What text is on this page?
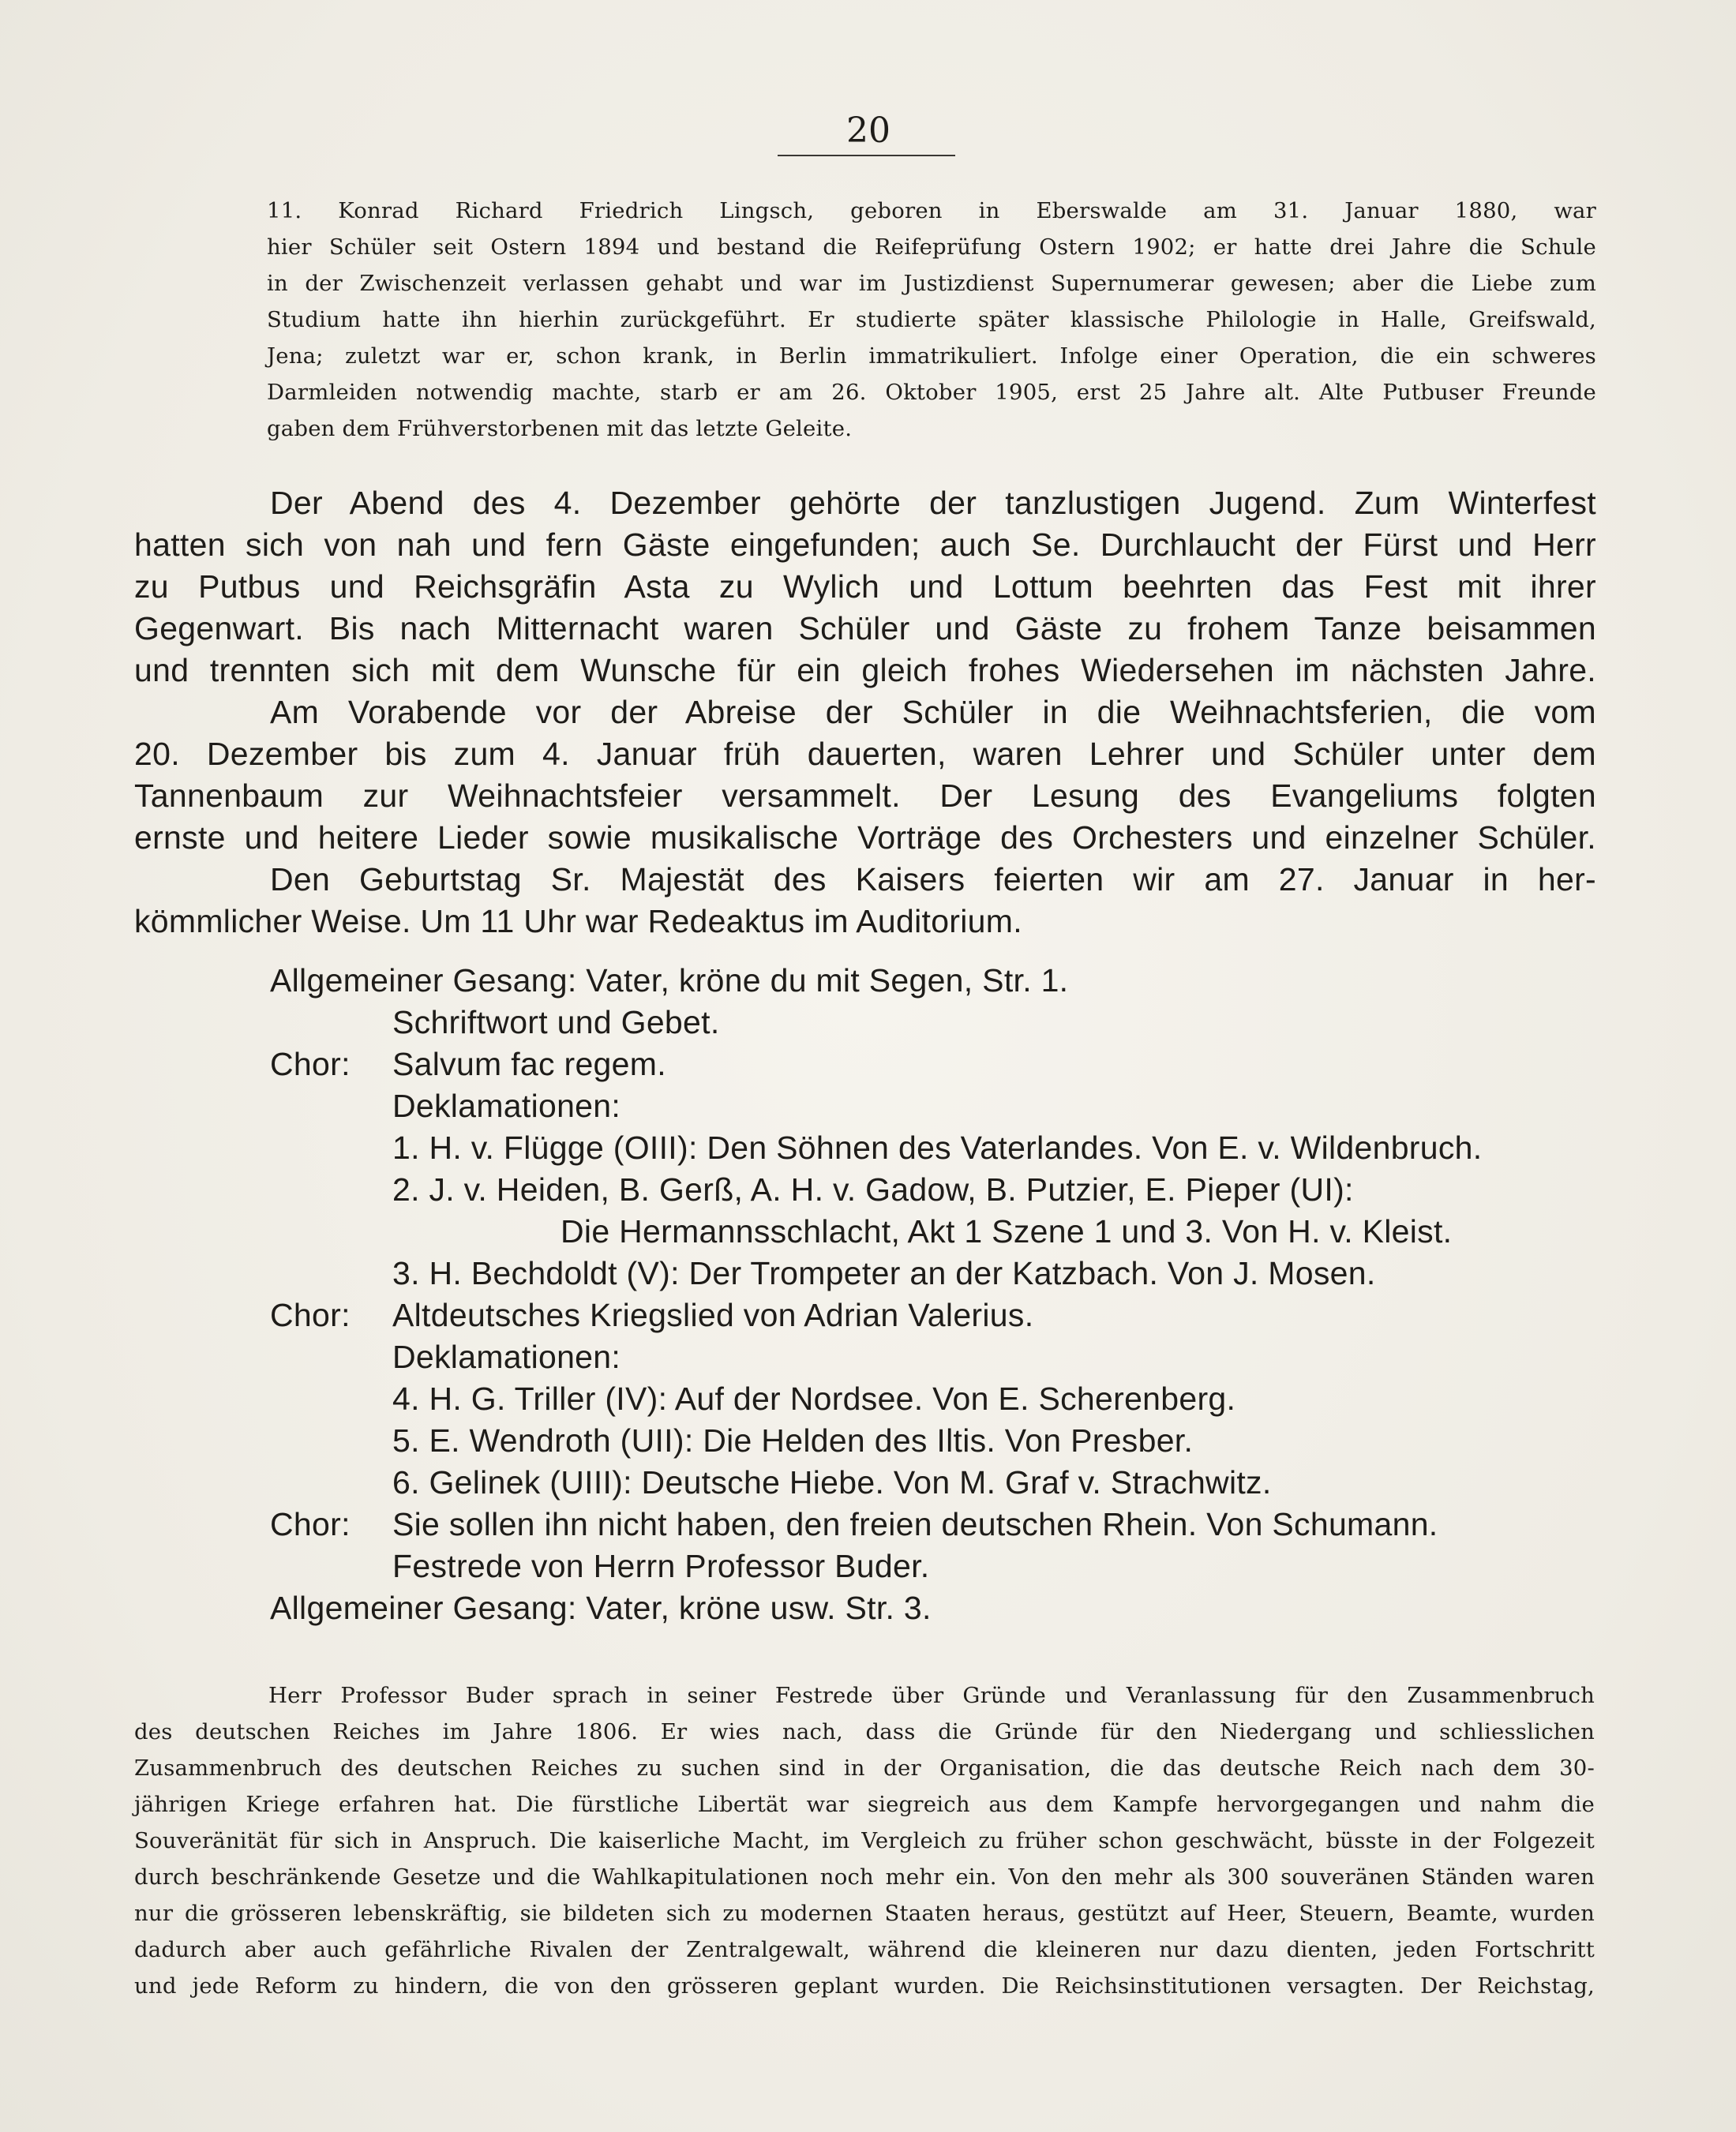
20
11. Konrad Richard Friedrich Lingsch, geboren in Eberswalde am 31. Januar 1880, war
hier Schüler seit Ostern 1894 und bestand die Reifeprüfung Ostern 1902; er hatte drei Jahre die Schule
in der Zwischenzeit verlassen gehabt und war im Justizdienst Supernumerar gewesen; aber die Liebe zum
Studium hatte ihn hierhin zurückgeführt. Er studierte später klassische Philologie in Halle, Greifswald,
Jena; zuletzt war er, schon krank, in Berlin immatrikuliert. Infolge einer Operation, die ein schweres
Darmleiden notwendig machte, starb er am 26. Oktober 1905, erst 25 Jahre alt. Alte Putbuser Freunde
gaben dem Frühverstorbenen mit das letzte Geleite.
Der Abend des 4. Dezember gehörte der tanzlustigen Jugend. Zum Winterfest
hatten sich von nah und fern Gäste eingefunden; auch Se. Durchlaucht der Fürst und Herr
zu Putbus und Reichsgräfin Asta zu Wylich und Lottum beehrten das Fest mit ihrer
Gegenwart. Bis nach Mitternacht waren Schüler und Gäste zu frohem Tanze beisammen
und trennten sich mit dem Wunsche für ein gleich frohes Wiedersehen im nächsten Jahre.
Am Vorabende vor der Abreise der Schüler in die Weihnachtsferien, die vom
20. Dezember bis zum 4. Januar früh dauerten, waren Lehrer und Schüler unter dem
Tannenbaum zur Weihnachtsfeier versammelt. Der Lesung des Evangeliums folgten
ernste und heitere Lieder sowie musikalische Vorträge des Orchesters und einzelner Schüler.
Den Geburtstag Sr. Majestät des Kaisers feierten wir am 27. Januar in her-
kömmlicher Weise. Um 11 Uhr war Redeaktus im Auditorium.
Allgemeiner Gesang: Vater, kröne du mit Segen, Str. 1.
Schriftwort und Gebet.
Chor: Salvum fac regem.
Deklamationen:
1. H. v. Flügge (OIII): Den Söhnen des Vaterlandes. Von E. v. Wildenbruch.
2. J. v. Heiden, B. Gerß, A. H. v. Gadow, B. Putzier, E. Pieper (UI):
Die Hermannsschlacht, Akt 1 Szene 1 und 3. Von H. v. Kleist.
3. H. Bechdoldt (V): Der Trompeter an der Katzbach. Von J. Mosen.
Chor: Altdeutsches Kriegslied von Adrian Valerius.
Deklamationen:
4. H. G. Triller (IV): Auf der Nordsee. Von E. Scherenberg.
5. E. Wendroth (UII): Die Helden des Iltis. Von Presber.
6. Gelinek (UIII): Deutsche Hiebe. Von M. Graf v. Strachwitz.
Chor: Sie sollen ihn nicht haben, den freien deutschen Rhein. Von Schumann.
Festrede von Herrn Professor Buder.
Allgemeiner Gesang: Vater, kröne usw. Str. 3.
Herr Professor Buder sprach in seiner Festrede über Gründe und Veranlassung für den Zusammenbruch
des deutschen Reiches im Jahre 1806. Er wies nach, dass die Gründe für den Niedergang und schliesslichen
Zusammenbruch des deutschen Reiches zu suchen sind in der Organisation, die das deutsche Reich nach dem 30-
jährigen Kriege erfahren hat. Die fürstliche Libertät war siegreich aus dem Kampfe hervorgegangen und nahm die
Souveränität für sich in Anspruch. Die kaiserliche Macht, im Vergleich zu früher schon geschwächt, büsste in der Folgezeit
durch beschränkende Gesetze und die Wahlkapitulationen noch mehr ein. Von den mehr als 300 souveränen Ständen waren
nur die grösseren lebenskräftig, sie bildeten sich zu modernen Staaten heraus, gestützt auf Heer, Steuern, Beamte, wurden
dadurch aber auch gefährliche Rivalen der Zentralgewalt, während die kleineren nur dazu dienten, jeden Fortschritt
und jede Reform zu hindern, die von den grösseren geplant wurden. Die Reichsinstitutionen versagten. Der Reichstag,
